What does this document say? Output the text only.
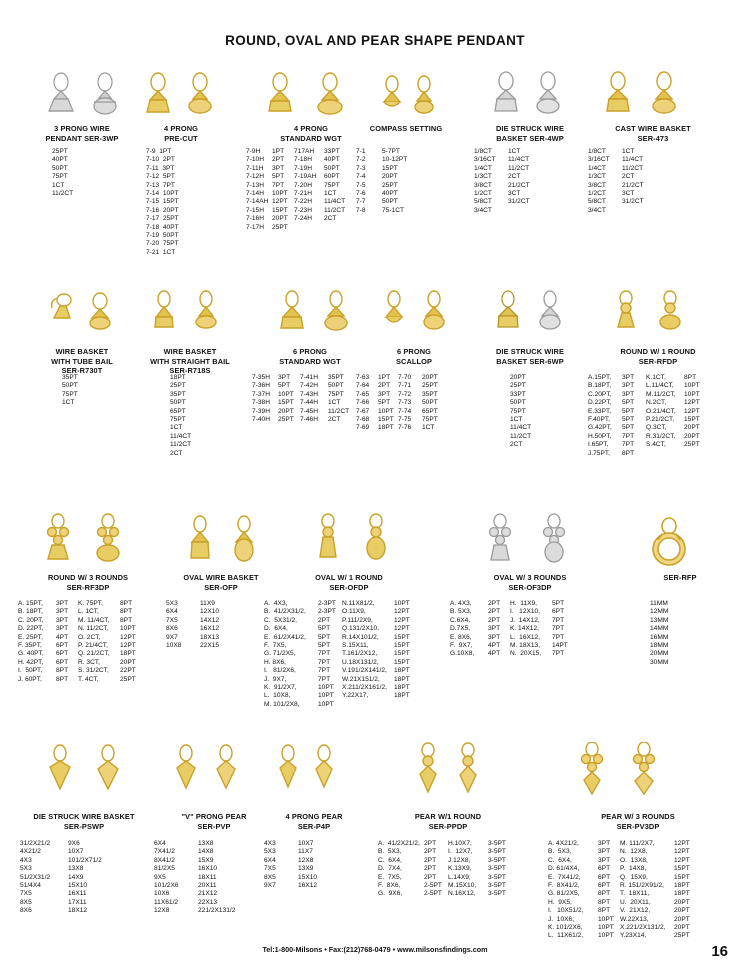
ROUND, OVAL AND PEAR SHAPE PENDANT
3 PRONG WIRE
PENDANT SER-3WP
25PT
40PT
50PT
75PT
1CT
11/2CT
4 PRONG
PRE-CUT
7-9  1PT
7-10  2PT
7-11  3PT
7-12  5PT
7-13  7PT
7-14  10PT
7-15  15PT
7-16  20PT
7-17  25PT
7-18  40PT
7-19  50PT
7-20  75PT
7-21  1CT
4 PRONG
STANDARD WGT
7-9H
7-10H
7-11H
7-12H
7-13H
7-14H
7-14AH
7-15H
7-16H
7-17H
1PT
2PT
3PT
5PT
7PT
10PT
12PT
15PT
20PT
25PT
717AH
7-18H
7-19H
7-19AH
7-20H
7-21H
7-22H
7-23H
7-24H
33PT
40PT
50PT
60PT
75PT
1CT
11/4CT
11/2CT
2CT
COMPASS SETTING
7-1
7-2
7-3
7-4
7-5
7-6
7-7
7-8
5-7PT
10-12PT
15PT
20PT
25PT
40PT
50PT
75-1CT
DIE STRUCK WIRE
BASKET SER-4WP
1/8CT
3/16CT
1/4CT
1/3CT
3/8CT
1/2CT
5/8CT
3/4CT
1CT
11/4CT
11/2CT
2CT
21/2CT
3CT
31/2CT
CAST WIRE BASKET
SER-473
1/8CT
3/16CT
1/4CT
1/3CT
3/8CT
1/2CT
5/8CT
3/4CT
1CT
11/4CT
11/2CT
2CT
21/2CT
3CT
31/2CT
WIRE BASKET
WITH TUBE BAIL
SER-R730T
35PT
50PT
75PT
1CT
WIRE BASKET
WITH STRAIGHT BAIL
SER-R718S
18PT
25PT
35PT
50PT
65PT
75PT
1CT
11/4CT
11/2CT
2CT
6 PRONG
STANDARD WGT
7-35H
7-36H
7-37H
7-38H
7-39H
7-40H
3PT
5PT
10PT
15PT
20PT
25PT
7-41H
7-42H
7-43H
7-44H
7-45H
7-46H
35PT
50PT
75PT
1CT
11/2CT
2CT
6 PRONG
SCALLOP
7-63
7-64
7-65
7-66
7-67
7-68
7-69
1PT
2PT
3PT
5PT
10PT
15PT
18PT
7-70
7-71
7-72
7-73
7-74
7-75
7-76
20PT
25PT
35PT
50PT
65PT
75PT
1CT
DIE STRUCK WIRE
BASKET SER-6WP
20PT
25PT
33PT
50PT
75PT
1CT
11/4CT
11/2CT
2CT
ROUND W/ 1 ROUND
SER-RFDP
A.15PT,
B.18PT,
C.20PT,
D.22PT,
E.33PT,
F.40PT,
G.42PT,
H.50PT,
I.65PT,
J.75PT,
3PT
3PT
3PT
5PT
5PT
5PT
5PT
7PT
7PT
8PT
K.1CT,
L.11/4CT,
M.11/2CT,
N.2CT,
O.21/4CT,
P.21/2CT,
Q.3CT,
R.31/2CT,
S.4CT,

8PT
10PT
10PT
12PT
12PT
15PT
20PT
20PT
25PT

ROUND W/ 3 ROUNDS
SER-RF3DP
A. 15PT,
B. 18PT,
C. 20PT,
D. 22PT,
E. 25PT,
F. 35PT,
G. 40PT,
H. 42PT,
I.  50PT,
J. 60PT,
3PT
3PT
3PT
3PT
4PT
6PT
6PT
6PT
8PT
8PT
K. 75PT,
L. 1CT,
M. 11/4CT,
N. 11/2CT,
O. 2CT,
P. 21/4CT,
Q. 21/2CT,
R. 3CT,
S. 31/2CT,
T. 4CT,
8PT
8PT
8PT
10PT
12PT
12PT
18PT
20PT
22PT
25PT
OVAL WIRE BASKET
SER-OFP
5X3
6X4
7X5
8X6
9X7
10X8
11X9
12X10
14X12
16X12
18X13
22X15
OVAL W/ 1 ROUND
SER-OFDP
A.  4X3,
B.  41/2X31/2,
C.  5X31/2,
D.  6X4,
E.  61/2X41/2,
F.  7X5,
G. 71/2X5,
H. 8X6,
I.   81/2X6,
J.  9X7,
K.  91/2X7,
L.  10X8,
M. 101/2X8,
2-3PT
2-3PT
2PT
5PT
5PT
5PT
7PT
7PT
7PT
7PT
10PT
10PT
10PT
N.11X81/2,
O.11X9,
P.111/2X9,
Q.131/2X10,
R.14X101/2,
S.15X11,
T.161/2X12,
U.18X131/2,
V.191/2X141/2,
W.21X151/2,
X.211/2X161/2,
Y.22X17,

10PT
12PT
12PT
12PT
15PT
15PT
15PT
15PT
18PT
18PT
18PT
18PT

OVAL W/ 3 ROUNDS
SER-OF3DP
A. 4X3,
B. 5X3,
C.6X4,
D.7X5,
E. 8X6,
F.  9X7,
G.10X8,
2PT
2PT
2PT
3PT
3PT
4PT
4PT
H.  11X9,
I.   12X10,
J.  14X12,
K. 14X12,
L.  16X12,
M. 18X13,
N.  20X15,
5PT
6PT
7PT
7PT
7PT
14PT
7PT
SER-RFP
11MM
12MM
13MM
14MM
16MM
18MM
20MM
30MM
DIE STRUCK WIRE BASKET
SER-PSWP
31/2X21/2
4X21/2
4X3
5X3
51/2X31/2
51/4X4
7X5
8X5
8X6
9X6
10X7
101/2X71/2
13X8
14X9
15X10
16X11
17X11
18X12
"V" PRONG PEAR
SER-PVP
6X4
7X41/2
8X41/2
81/2X5
9X5
101/2X6
10X6
11X61/2
12X8
13X8
14X8
15X9
16X10
18X11
20X11
21X12
22X13
221/2X131/2
4 PRONG PEAR
SER-P4P
4X3
5X3
6X4
7X5
8X5
9X7
10X7
11X7
12X8
13X9
15X10
16X12
PEAR W/1 ROUND
SER-PPDP
A.  41/2X21/2,
B.  5X3,
C.  6X4,
D.  7X4,
E.  7X5,
F.  8X6,
G.  9X6,
2PT
2PT
2PT
2PT
2PT
2-5PT
2-5PT
H.10X7,
I.  12X7,
J.12X8,
K.13X9,
L.14X9,
M.15X10,
N.16X12,
3-5PT
3-5PT
3-5PT
3-5PT
3-5PT
3-5PT
3-5PT
PEAR W/ 3 ROUNDS
SER-PV3DP
A. 4X21/2,
B.  5X3,
C.  6X4,
D. 61/4X4,
E.  7X41/2,
F.  8X41/2,
G. 81/2X5,
H.  9X5,
I.   10X51/2,
J.  10X6,
K. 101/2X6,
L.  11X61/2,
3PT
3PT
3PT
6PT
6PT
6PT
8PT
8PT
8PT
10PT
10PT
10PT
M. 111/2X7,
N.  12X8,
O.  13X8,
P.  14X8,
Q.  15X9,
R. 151/2X91/2,
T.  18X11,
U.  20X11,
V.  21X12,
W.22X13,
X.221/2X131/2,
Y.23X14,
12PT
12PT
12PT
15PT
15PT
18PT
18PT
20PT
20PT
20PT
20PT
25PT
Tel:1-800-Milsons • Fax:(212)768-0479 • www.milsonsfindings.com	16
